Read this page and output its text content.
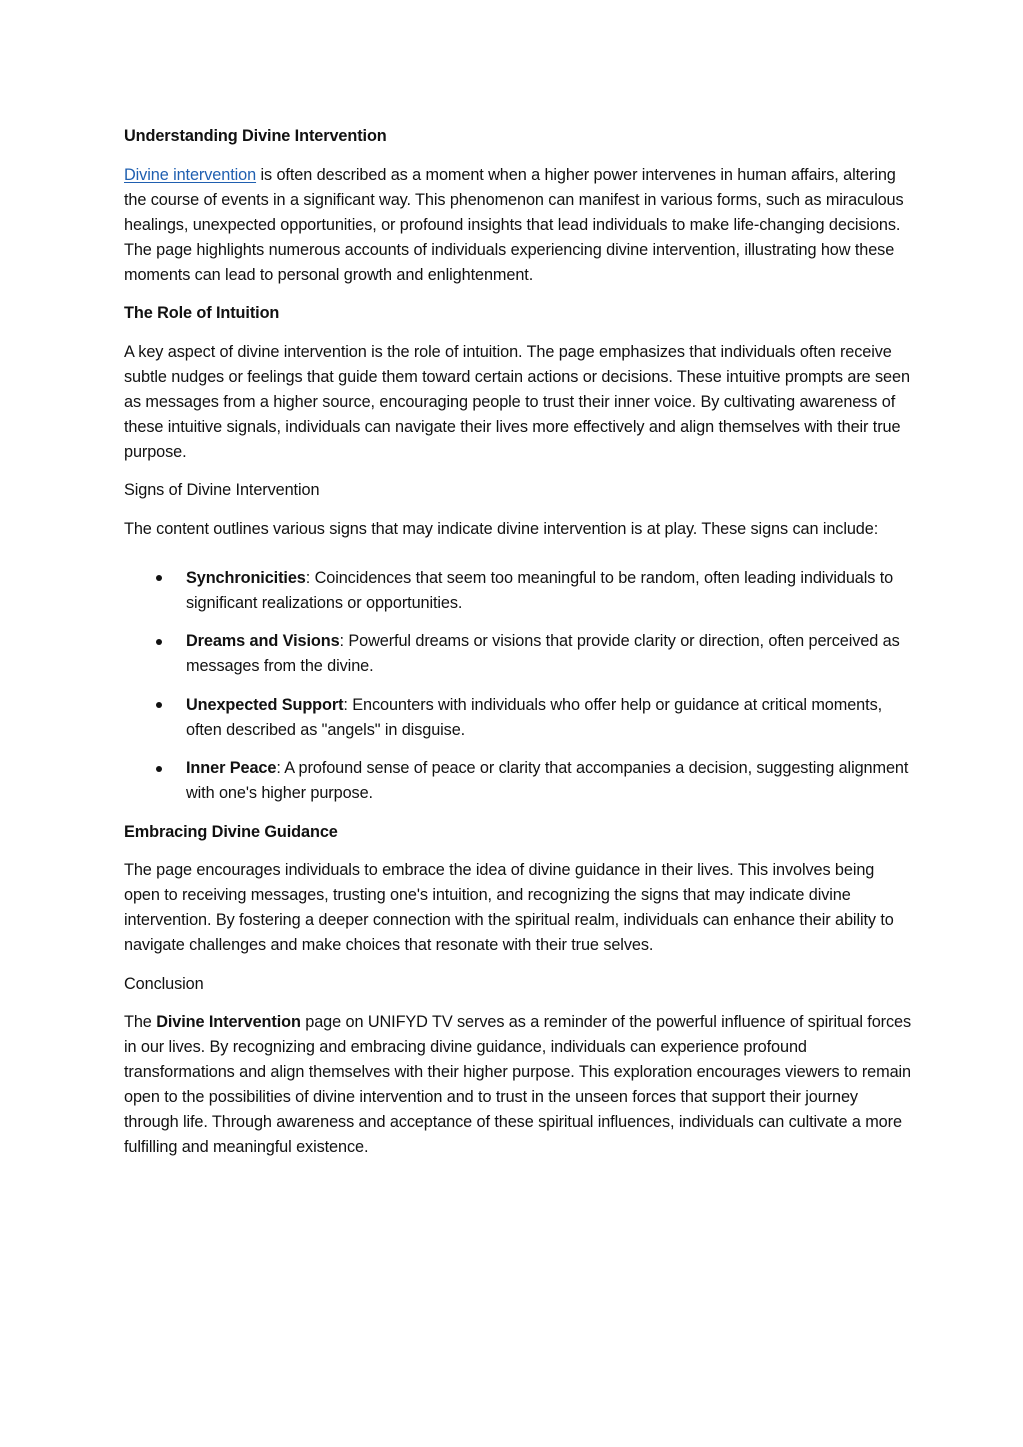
Understanding Divine Intervention

Divine intervention is often described as a moment when a higher power intervenes in human affairs, altering the course of events in a significant way. This phenomenon can manifest in various forms, such as miraculous healings, unexpected opportunities, or profound insights that lead individuals to make life-changing decisions. The page highlights numerous accounts of individuals experiencing divine intervention, illustrating how these moments can lead to personal growth and enlightenment.

The Role of Intuition

A key aspect of divine intervention is the role of intuition. The page emphasizes that individuals often receive subtle nudges or feelings that guide them toward certain actions or decisions. These intuitive prompts are seen as messages from a higher source, encouraging people to trust their inner voice. By cultivating awareness of these intuitive signals, individuals can navigate their lives more effectively and align themselves with their true purpose.

Signs of Divine Intervention

The content outlines various signs that may indicate divine intervention is at play. These signs can include:

Synchronicities: Coincidences that seem too meaningful to be random, often leading individuals to significant realizations or opportunities.
Dreams and Visions: Powerful dreams or visions that provide clarity or direction, often perceived as messages from the divine.
Unexpected Support: Encounters with individuals who offer help or guidance at critical moments, often described as "angels" in disguise.
Inner Peace: A profound sense of peace or clarity that accompanies a decision, suggesting alignment with one's higher purpose.

Embracing Divine Guidance

The page encourages individuals to embrace the idea of divine guidance in their lives. This involves being open to receiving messages, trusting one's intuition, and recognizing the signs that may indicate divine intervention. By fostering a deeper connection with the spiritual realm, individuals can enhance their ability to navigate challenges and make choices that resonate with their true selves.

Conclusion

The Divine Intervention page on UNIFYD TV serves as a reminder of the powerful influence of spiritual forces in our lives. By recognizing and embracing divine guidance, individuals can experience profound transformations and align themselves with their higher purpose. This exploration encourages viewers to remain open to the possibilities of divine intervention and to trust in the unseen forces that support their journey through life. Through awareness and acceptance of these spiritual influences, individuals can cultivate a more fulfilling and meaningful existence.
